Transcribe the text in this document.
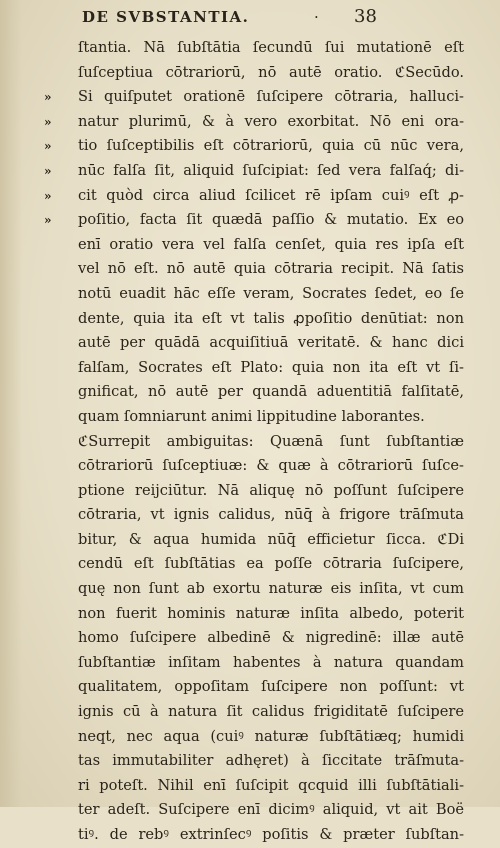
DE SVBSTANTIA.	· 38
ſtantia. Nā ſubſtātia ſecundū ſui mutationē eſt
ſuſceptiua cōtrariorū, nō autē oratio. ℭSecūdo.
» Si quiſputet orationē ſuſcipere cōtraria, halluci-
» natur plurimū, & à vero exorbitat. Nō eni ora-
» tio ſuſceptibilis eſt cōtrariorū, quia cū nūc vera,
» nūc falſa ſit, aliquid ſuſcipiat: ſed vera falſaq́; di-
» cit quòd circa aliud ſcilicet rē ipſam cuiꝰ eſt ꝓ-
» poſitio, facta ſit quædā paſſio & mutatio. Ex eo
enī oratio vera vel falſa cenſet, quia res ipſa eſt
vel nō eſt. nō autē quia cōtraria recipit. Nā ſatis
notū euadit hāc eſſe veram, Socrates ſedet, eo ſe
dente, quia ita eſt vt talis ꝓpoſitio denūtiat: non
autē per quādā acquiſitiuā veritatē. & hanc dici
falſam, Socrates eſt Plato: quia non ita eſt vt ſi-
gnificat, nō autē per quandā aduentitiā falſitatē,
quam ſomniarunt animi lippitudine laborantes.
ℭSurrepit ambiguitas: Quænā ſunt ſubſtantiæ
cōtrariorū ſuſceptiuæ: & quæ à cōtrariorū ſuſce-
ptione reijciūtur. Nā aliquę nō poſſunt ſuſcipere
cōtraria, vt ignis calidus, nūq̄ à frigore trāſmuta
bitur, & aqua humida nūq̄ efficietur ſicca. ℭDi
cendū eſt ſubſtātias ea poſſe cōtraria ſuſcipere,
quę non ſunt ab exortu naturæ eis inſita, vt cum
non fuerit hominis naturæ inſita albedo, poterit
homo ſuſcipere albedinē & nigredinē: illæ autē
ſubſtantiæ inſitam habentes à natura quandam
qualitatem, oppoſitam ſuſcipere non poſſunt: vt
ignis cū à natura ſit calidus frigiditatē ſuſcipere
neqt, nec aqua (cuiꝰ naturæ ſubſtātiæq; humidi
tas immutabiliter adhęret) à ſiccitate trāſmuta-
ri poteſt. Nihil enī ſuſcipit qcquid illi ſubſtātiali-
ter adeſt. Suſcipere enī dicimꝰ aliquid, vt ait Boë
tiꝰ. de rebꝰ extrinſecꝰ poſitis & præter ſubſtan-
